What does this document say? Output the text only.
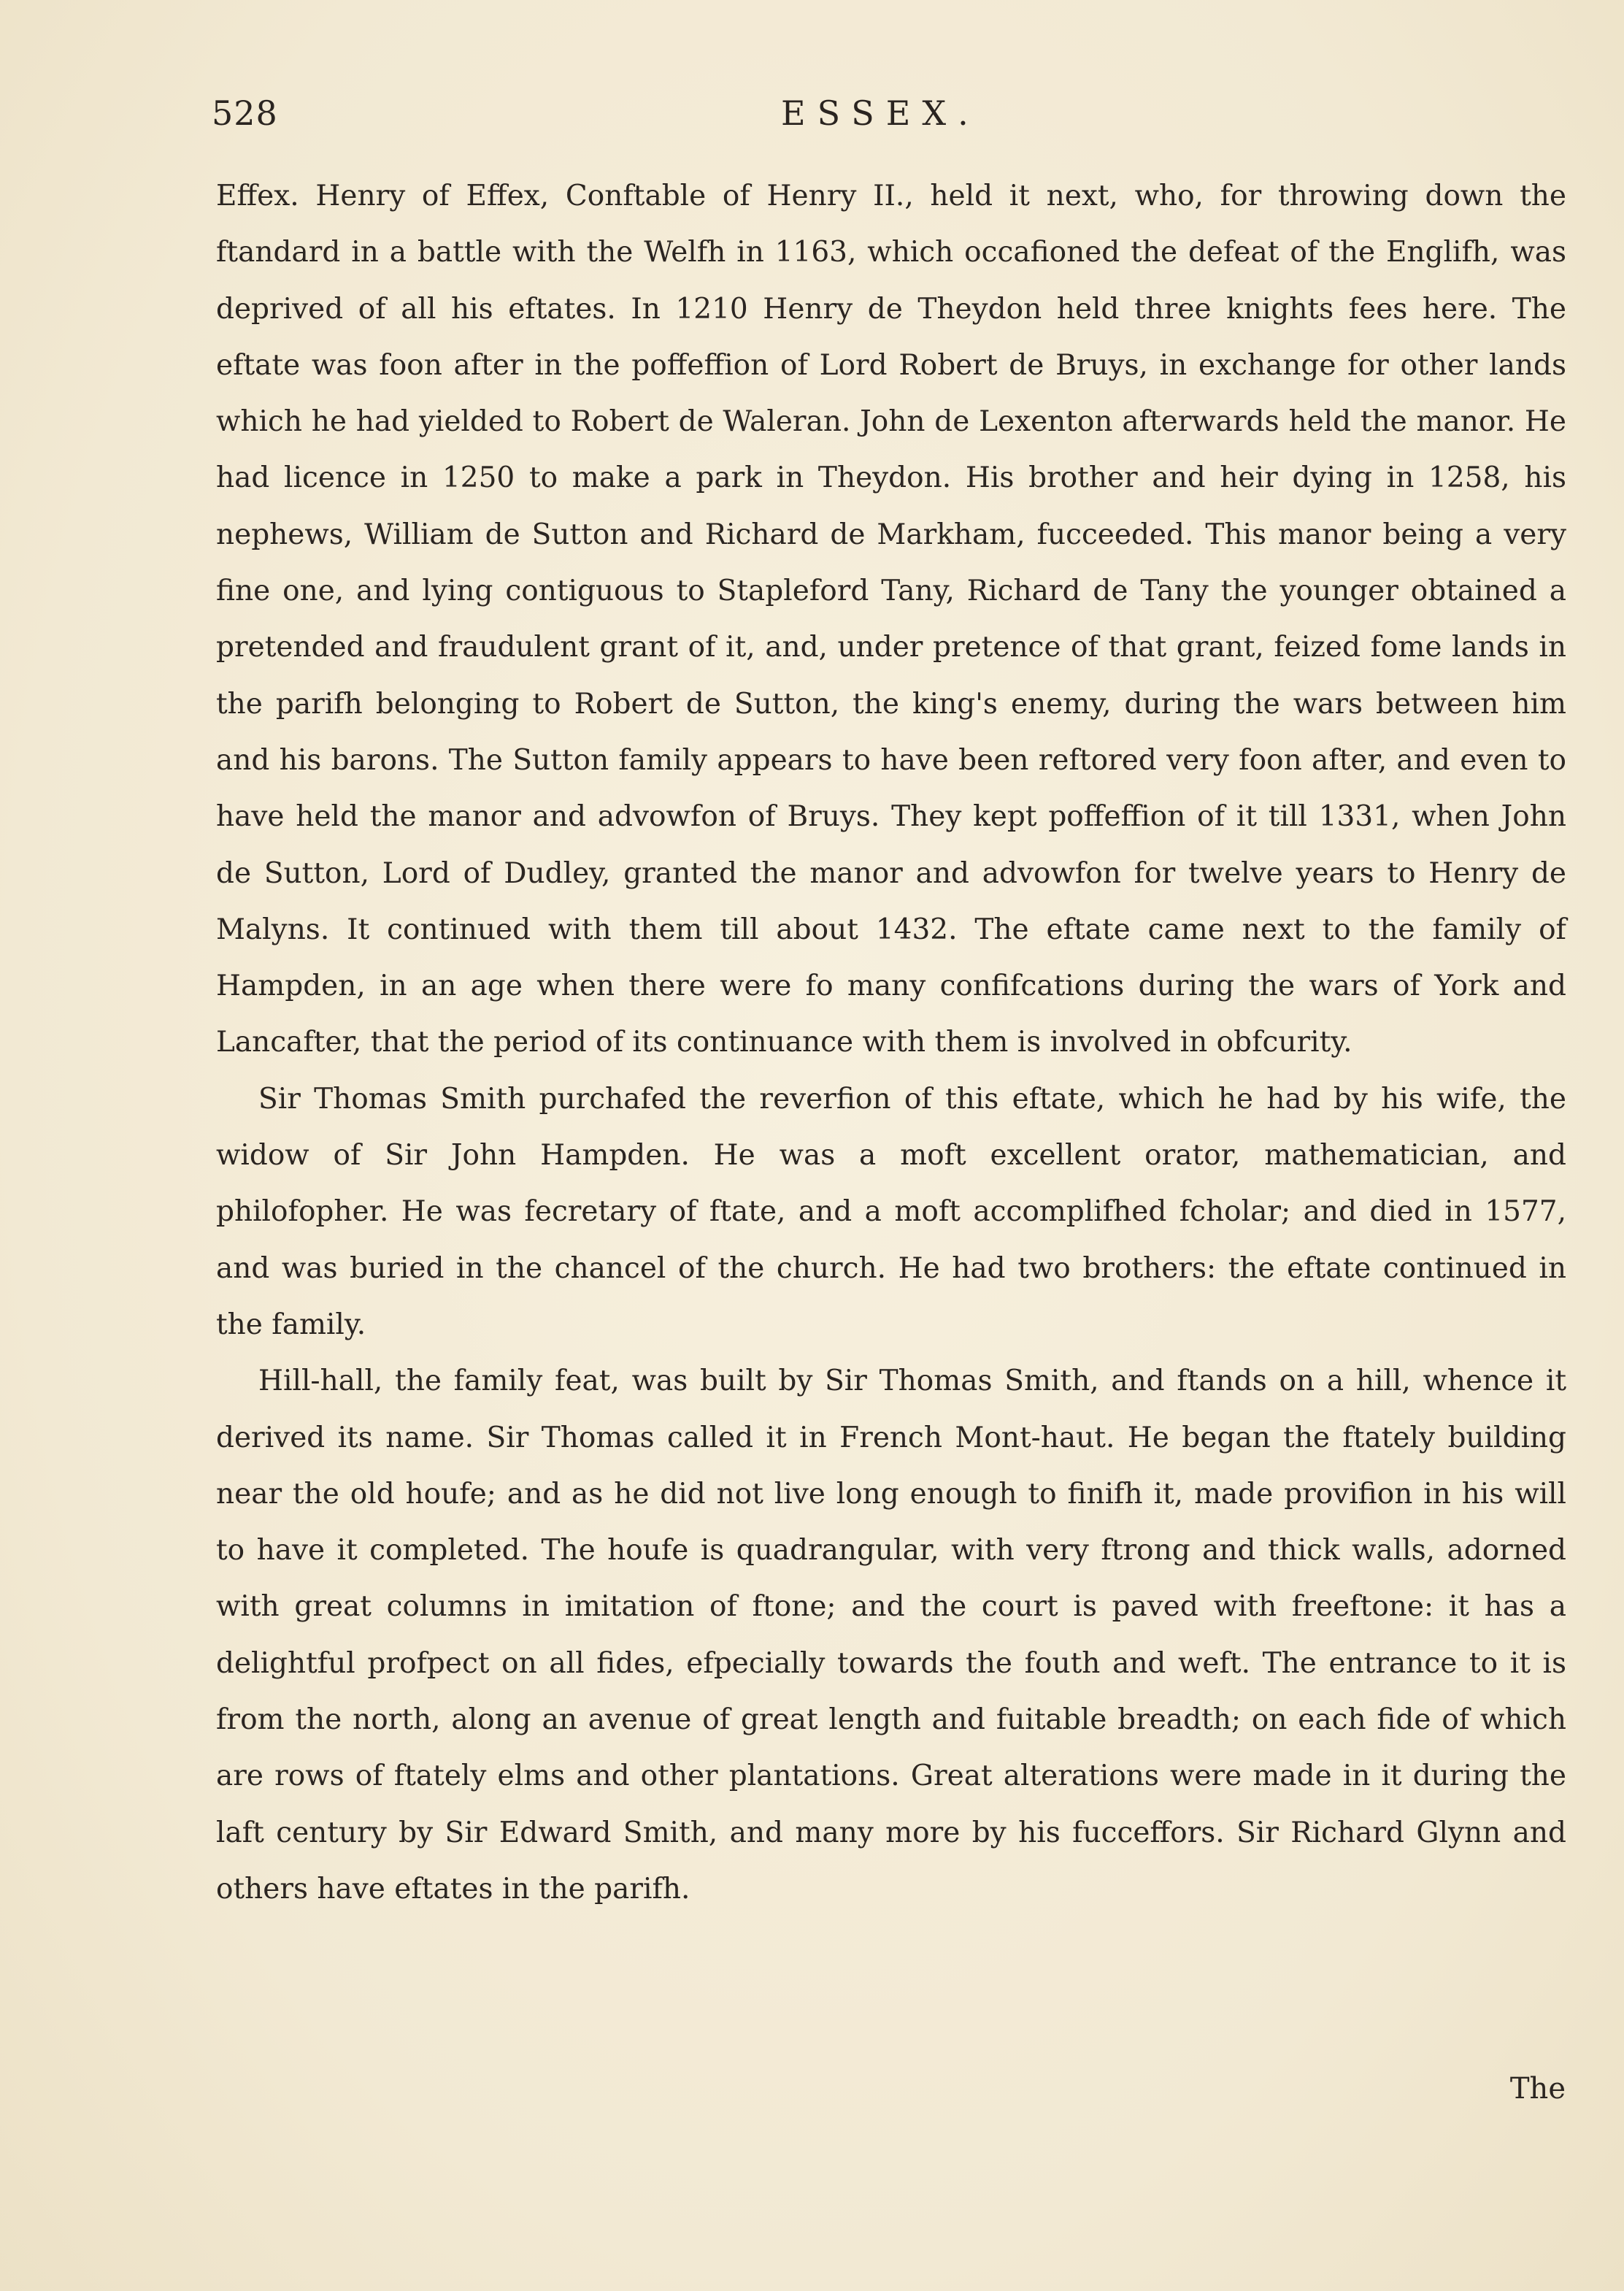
528	ESSEX.

Effex. Henry of Effex, Conftable of Henry II., held it next, who, for throwing down the ftandard in a battle with the Welfh in 1163, which occafioned the defeat of the Englifh, was deprived of all his eftates. In 1210 Henry de Theydon held three knights fees here. The eftate was foon after in the poffeffion of Lord Robert de Bruys, in exchange for other lands which he had yielded to Robert de Waleran. John de Lexenton afterwards held the manor. He had licence in 1250 to make a park in Theydon. His brother and heir dying in 1258, his nephews, William de Sutton and Richard de Markham, fucceeded. This manor being a very fine one, and lying contiguous to Stapleford Tany, Richard de Tany the younger obtained a pretended and fraudulent grant of it, and, under pretence of that grant, feized fome lands in the parifh belonging to Robert de Sutton, the king's enemy, during the wars between him and his barons. The Sutton family appears to have been reftored very foon after, and even to have held the manor and advowfon of Bruys. They kept poffeffion of it till 1331, when John de Sutton, Lord of Dudley, granted the manor and advowfon for twelve years to Henry de Malyns. It continued with them till about 1432. The eftate came next to the family of Hampden, in an age when there were fo many confifcations during the wars of York and Lancafter, that the period of its continuance with them is involved in obfcurity.

Sir Thomas Smith purchafed the reverfion of this eftate, which he had by his wife, the widow of Sir John Hampden. He was a moft excellent orator, mathematician, and philofopher. He was fecretary of ftate, and a moft accomplifhed fcholar; and died in 1577, and was buried in the chancel of the church. He had two brothers: the eftate continued in the family.

Hill-hall, the family feat, was built by Sir Thomas Smith, and ftands on a hill, whence it derived its name. Sir Thomas called it in French Mont-haut. He began the ftately building near the old houfe; and as he did not live long enough to finifh it, made provifion in his will to have it completed. The houfe is quadrangular, with very ftrong and thick walls, adorned with great columns in imitation of ftone; and the court is paved with freeftone: it has a delightful profpect on all fides, efpecially towards the fouth and weft. The entrance to it is from the north, along an avenue of great length and fuitable breadth; on each fide of which are rows of ftately elms and other plantations. Great alterations were made in it during the laft century by Sir Edward Smith, and many more by his fucceffors. Sir Richard Glynn and others have eftates in the parifh.

The
